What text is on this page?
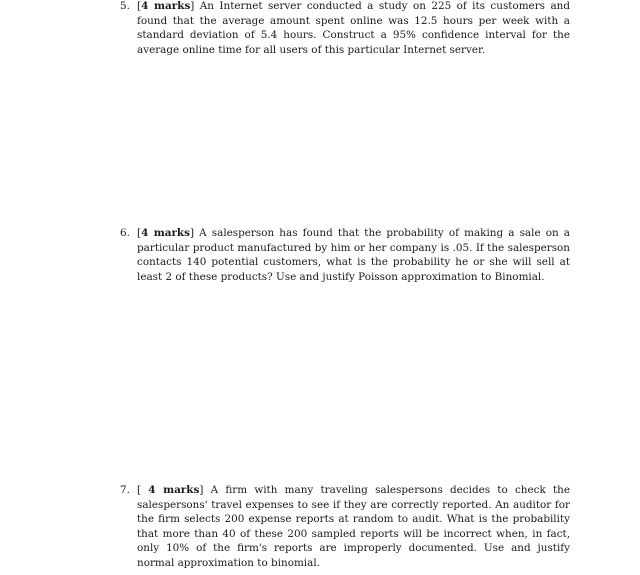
5. [4 marks] An Internet server conducted a study on 225 of its customers and found that the average amount spent online was 12.5 hours per week with a standard deviation of 5.4 hours. Construct a 95% confidence interval for the average online time for all users of this particular Internet server.
6. [4 marks] A salesperson has found that the probability of making a sale on a particular product manufactured by him or her company is .05. If the salesperson contacts 140 potential customers, what is the probability he or she will sell at least 2 of these products? Use and justify Poisson approximation to Binomial.
7. [ 4 marks] A firm with many traveling salespersons decides to check the salespersons' travel expenses to see if they are correctly reported. An auditor for the firm selects 200 expense reports at random to audit. What is the probability that more than 40 of these 200 sampled reports will be incorrect when, in fact, only 10% of the firm's reports are improperly documented. Use and justify normal approximation to binomial.
